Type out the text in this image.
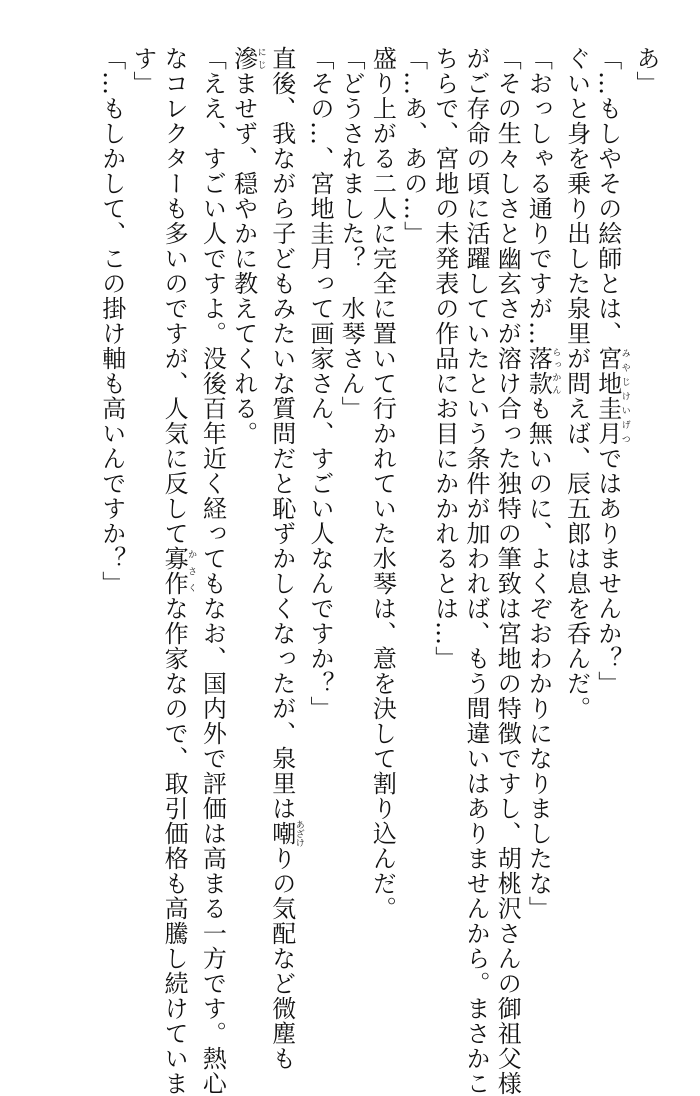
あ」
「…もしやその絵師とは、宮地圭月みやじけいげつではありませんか？」
ぐいと身を乗り出した泉里が問えば、辰五郎は息を呑んだ。
「おっしゃる通りですが…落款らっかんも無いのに、よくぞおわかりになりましたな」
「その生々しさと幽玄さが溶け合った独特の筆致は宮地の特徴ですし、胡桃沢さんの御祖父様
がご存命の頃に活躍していたという条件が加われば、もう間違いはありませんから。まさかこ
ちらで、宮地の未発表の作品にお目にかかれるとは…」
「…あ、あの…」
盛り上がる二人に完全に置いて行かれていた水琴は、意を決して割り込んだ。
「どうされました？　水琴さん」
「その…、宮地圭月って画家さん、すごい人なんですか？」
直後、我ながら子どもみたいな質問だと恥ずかしくなったが、泉里は嘲あざけりの気配など微塵も
滲にじませず、穏やかに教えてくれる。
「ええ、すごい人ですよ。没後百年近く経ってもなお、国内外で評価は高まる一方です。熱心
なコレクターも多いのですが、人気に反して寡作かさくな作家なので、取引価格も高騰し続けていま
す」
「…もしかして、この掛け軸も高いんですか？」
